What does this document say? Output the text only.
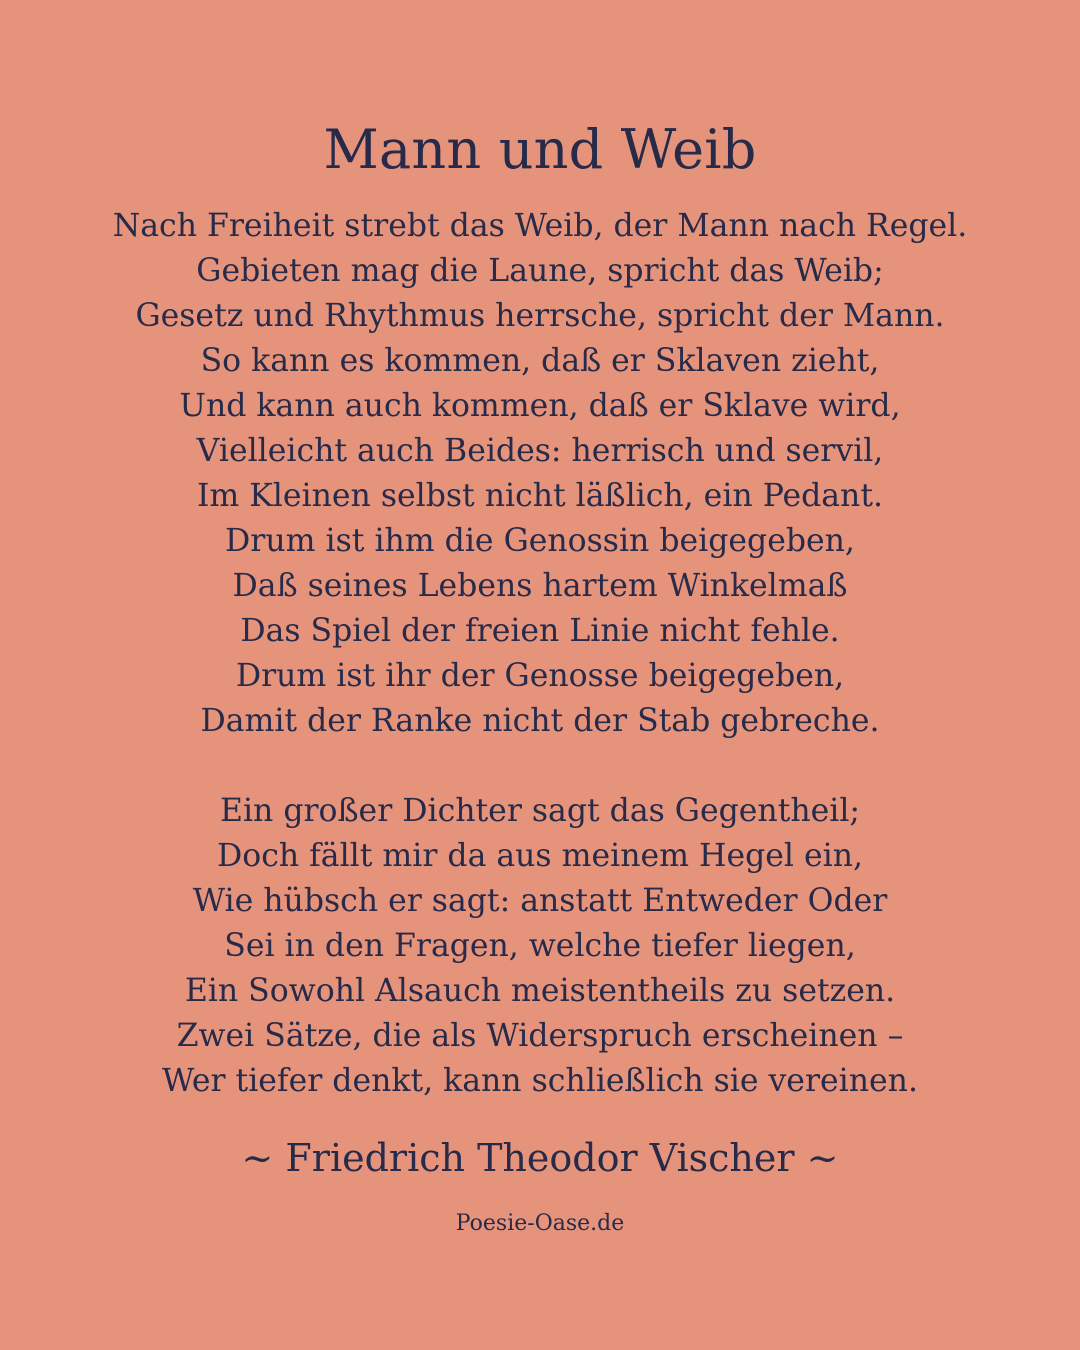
Mann und Weib
Nach Freiheit strebt das Weib, der Mann nach Regel.
Gebieten mag die Laune, spricht das Weib;
Gesetz und Rhythmus herrsche, spricht der Mann.
So kann es kommen, daß er Sklaven zieht,
Und kann auch kommen, daß er Sklave wird,
Vielleicht auch Beides: herrisch und servil,
Im Kleinen selbst nicht läßlich, ein Pedant.
Drum ist ihm die Genossin beigegeben,
Daß seines Lebens hartem Winkelmaß
Das Spiel der freien Linie nicht fehle.
Drum ist ihr der Genosse beigegeben,
Damit der Ranke nicht der Stab gebreche.
Ein großer Dichter sagt das Gegentheil;
Doch fällt mir da aus meinem Hegel ein,
Wie hübsch er sagt: anstatt Entweder Oder
Sei in den Fragen, welche tiefer liegen,
Ein Sowohl Alsauch meistentheils zu setzen.
Zwei Sätze, die als Widerspruch erscheinen –
Wer tiefer denkt, kann schließlich sie vereinen.

~ Friedrich Theodor Vischer ~

Poesie-Oase.de
